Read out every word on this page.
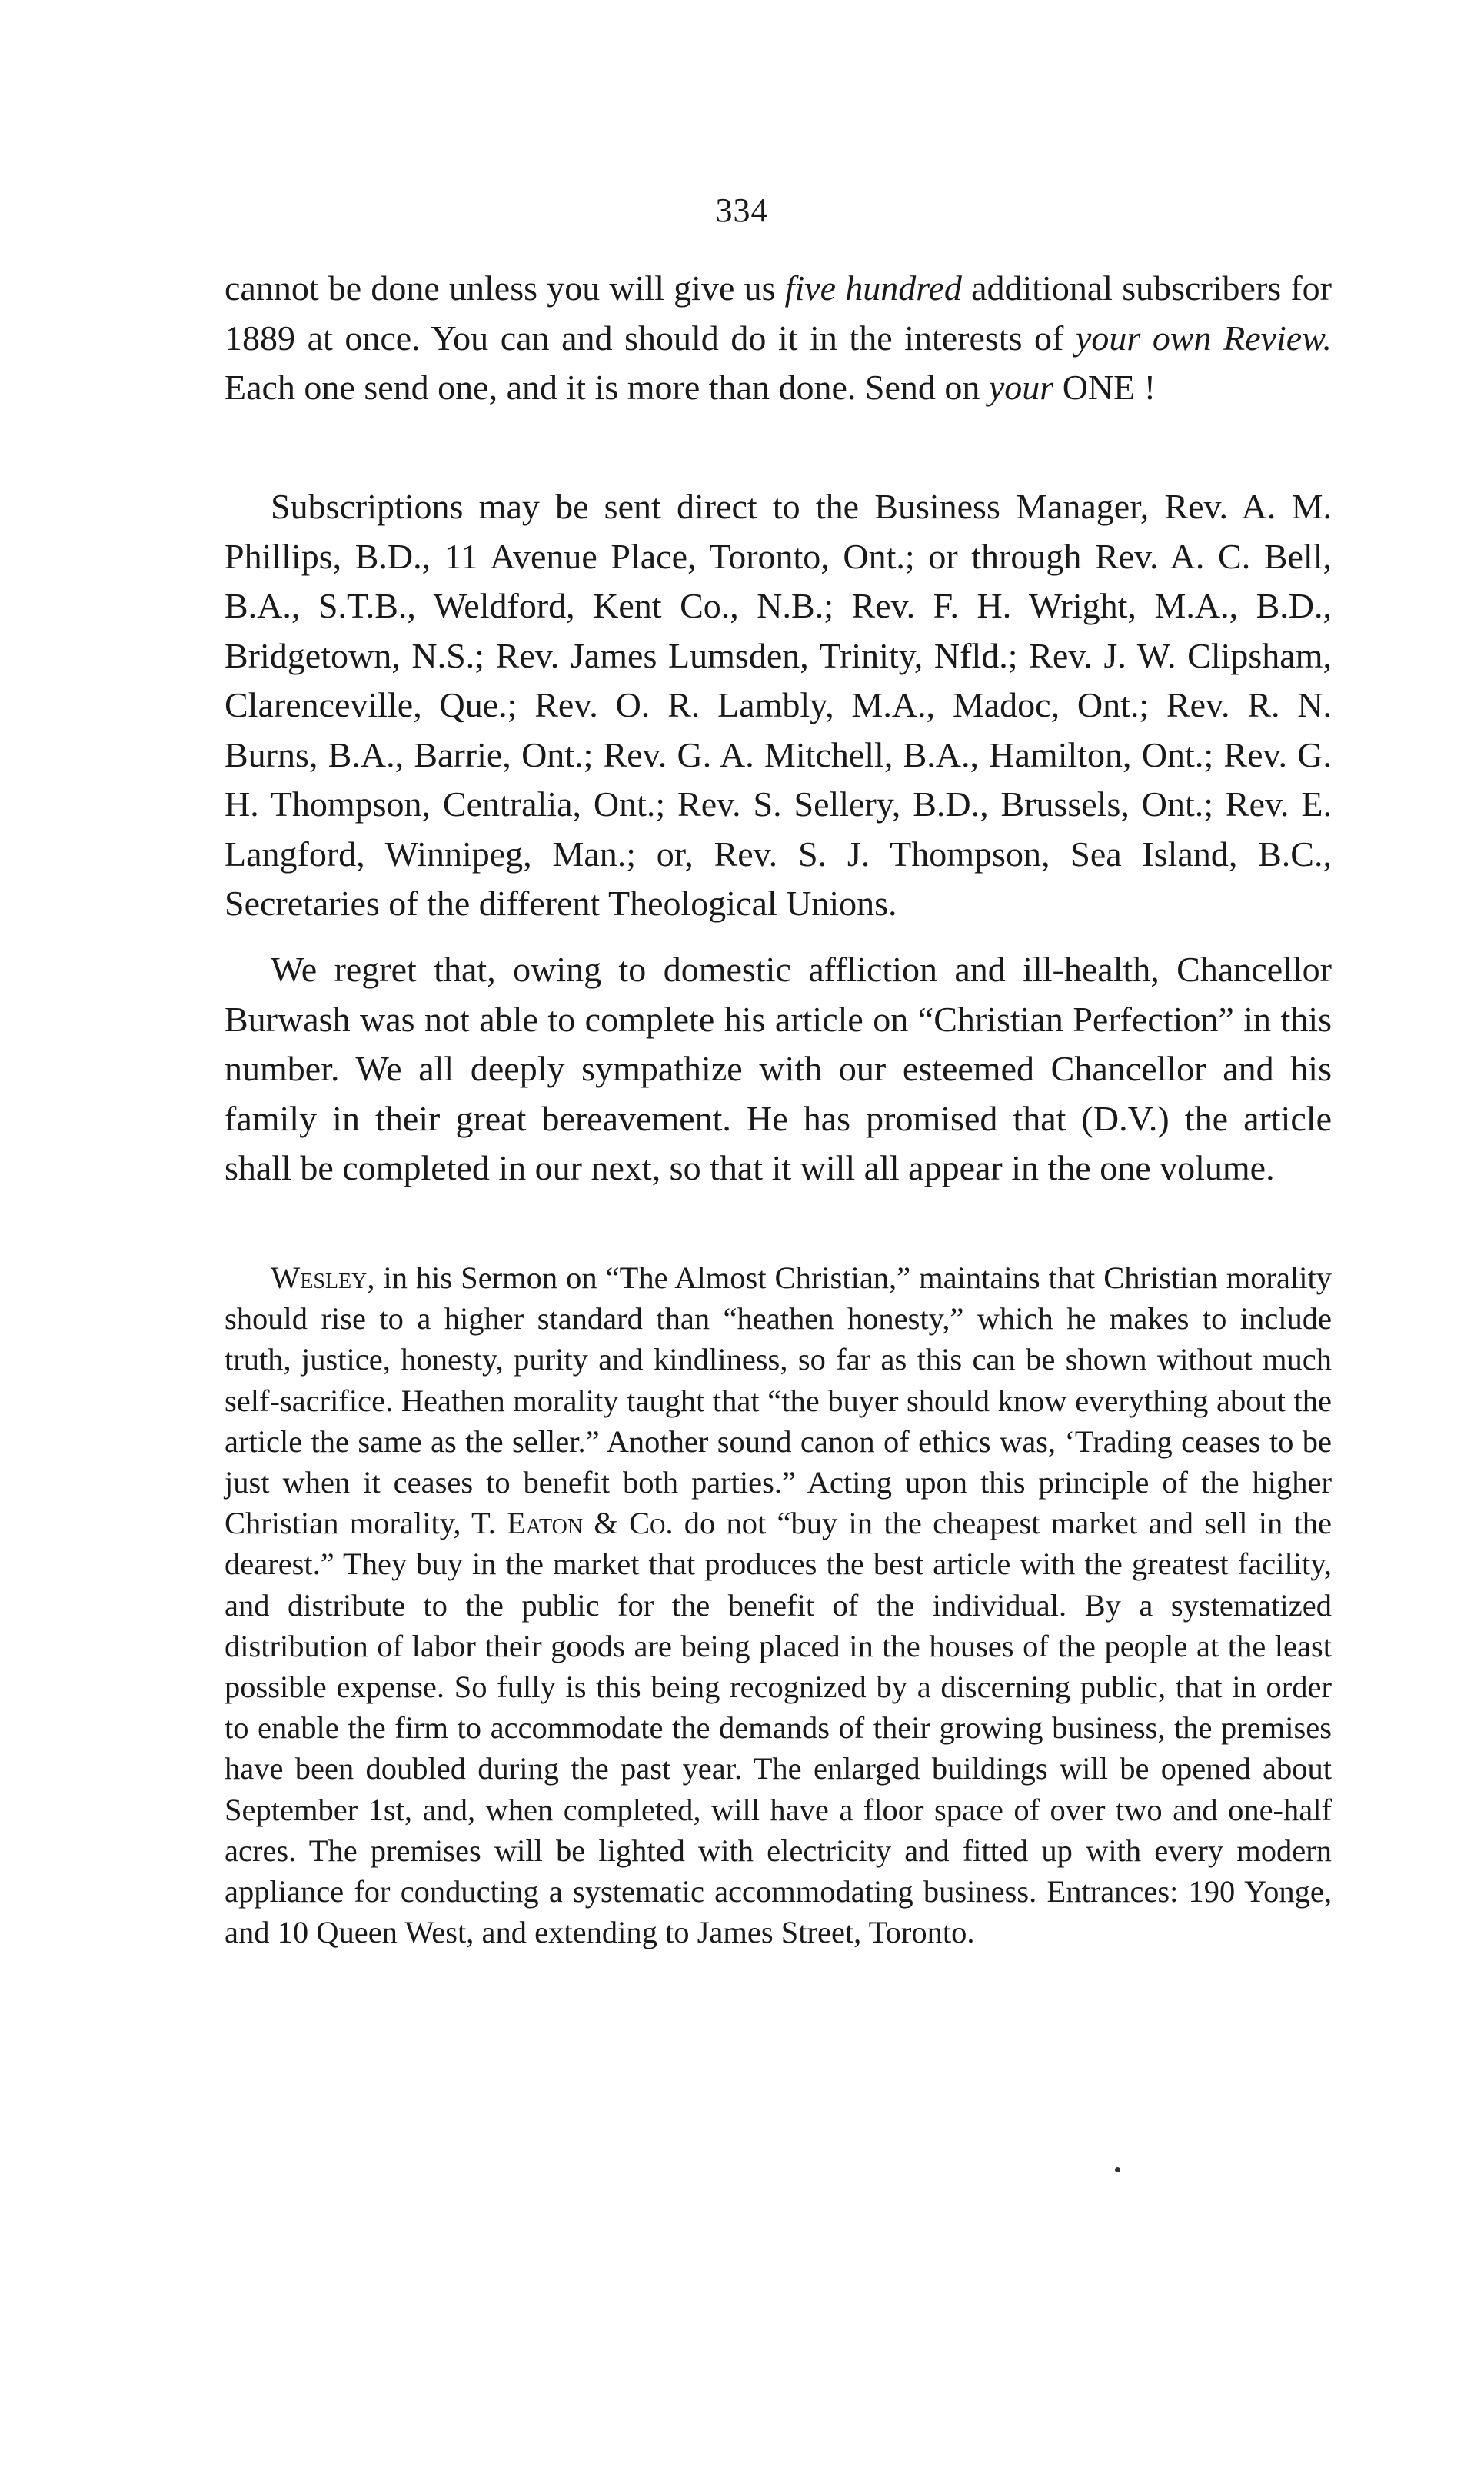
334

cannot be done unless you will give us five hundred additional subscribers for 1889 at once. You can and should do it in the interests of your own Review. Each one send one, and it is more than done. Send on your ONE !

Subscriptions may be sent direct to the Business Manager, Rev. A. M. Phillips, B.D., 11 Avenue Place, Toronto, Ont.; or through Rev. A. C. Bell, B.A., S.T.B., Weldford, Kent Co., N.B.; Rev. F. H. Wright, M.A., B.D., Bridgetown, N.S.; Rev. James Lumsden, Trinity, Nfld.; Rev. J. W. Clipsham, Clarenceville, Que.; Rev. O. R. Lambly, M.A., Madoc, Ont.; Rev. R. N. Burns, B.A., Barrie, Ont.; Rev. G. A. Mitchell, B.A., Hamilton, Ont.; Rev. G. H. Thompson, Centralia, Ont.; Rev. S. Sellery, B.D., Brussels, Ont.; Rev. E. Langford, Winnipeg, Man.; or, Rev. S. J. Thompson, Sea Island, B.C., Secretaries of the different Theological Unions.

We regret that, owing to domestic affliction and ill-health, Chancellor Burwash was not able to complete his article on “Christian Perfection” in this number. We all deeply sympathize with our esteemed Chancellor and his family in their great bereavement. He has promised that (D.V.) the article shall be completed in our next, so that it will all appear in the one volume.

Wesley, in his Sermon on “The Almost Christian,” maintains that Christian morality should rise to a higher standard than “heathen honesty,” which he makes to include truth, justice, honesty, purity and kindliness, so far as this can be shown without much self-sacrifice. Heathen morality taught that “the buyer should know everything about the article the same as the seller.” Another sound canon of ethics was, ‘Trading ceases to be just when it ceases to benefit both parties.” Acting upon this principle of the higher Christian morality, T. Eaton & Co. do not “buy in the cheapest market and sell in the dearest.” They buy in the market that produces the best article with the greatest facility, and distribute to the public for the benefit of the individual. By a systematized distribution of labor their goods are being placed in the houses of the people at the least possible expense. So fully is this being recognized by a discerning public, that in order to enable the firm to accommodate the demands of their growing business, the premises have been doubled during the past year. The enlarged buildings will be opened about September 1st, and, when completed, will have a floor space of over two and one-half acres. The premises will be lighted with electricity and fitted up with every modern appliance for conducting a systematic accommodating business. Entrances: 190 Yonge, and 10 Queen West, and extending to James Street, Toronto.
